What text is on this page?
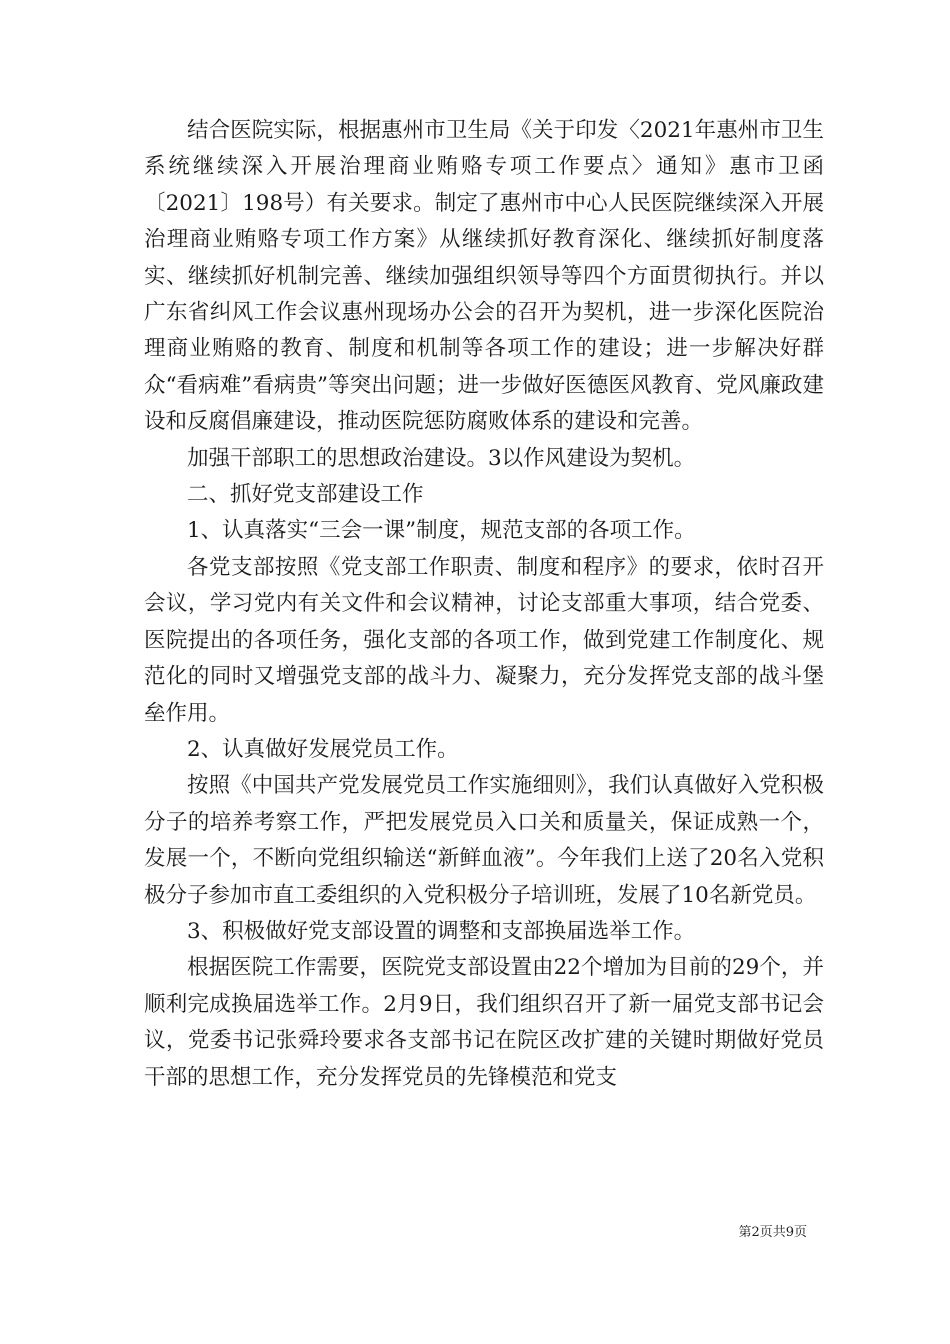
结合医院实际，根据惠州市卫生局《关于印发〈2021年惠州市卫生系统继续深入开展治理商业贿赂专项工作要点〉通知》惠市卫函〔2021〕198号）有关要求。制定了惠州市中心人民医院继续深入开展治理商业贿赂专项工作方案》从继续抓好教育深化、继续抓好制度落实、继续抓好机制完善、继续加强组织领导等四个方面贯彻执行。并以广东省纠风工作会议惠州现场办公会的召开为契机，进一步深化医院治理商业贿赂的教育、制度和机制等各项工作的建设；进一步解决好群众“看病难”看病贵”等突出问题；进一步做好医德医风教育、党风廉政建设和反腐倡廉建设，推动医院惩防腐败体系的建设和完善。

加强干部职工的思想政治建设。3以作风建设为契机。

二、抓好党支部建设工作

1、认真落实“三会一课”制度，规范支部的各项工作。

各党支部按照《党支部工作职责、制度和程序》的要求，依时召开会议，学习党内有关文件和会议精神，讨论支部重大事项，结合党委、医院提出的各项任务，强化支部的各项工作，做到党建工作制度化、规范化的同时又增强党支部的战斗力、凝聚力，充分发挥党支部的战斗堡垒作用。

2、认真做好发展党员工作。

按照《中国共产党发展党员工作实施细则》，我们认真做好入党积极分子的培养考察工作，严把发展党员入口关和质量关，保证成熟一个，发展一个，不断向党组织输送“新鲜血液”。今年我们上送了20名入党积极分子参加市直工委组织的入党积极分子培训班，发展了10名新党员。

3、积极做好党支部设置的调整和支部换届选举工作。

根据医院工作需要，医院党支部设置由22个增加为目前的29个，并顺利完成换届选举工作。2月9日，我们组织召开了新一届党支部书记会议，党委书记张舜玲要求各支部书记在院区改扩建的关键时期做好党员干部的思想工作，充分发挥党员的先锋模范和党支

第2页共9页
